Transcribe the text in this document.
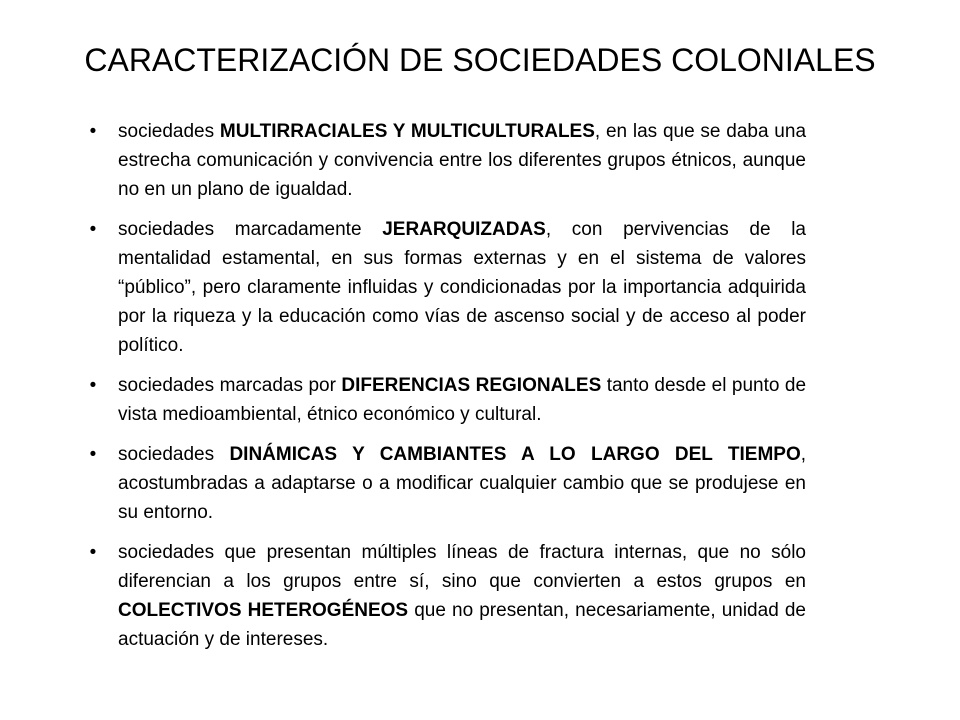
CARACTERIZACIÓN DE SOCIEDADES COLONIALES
• sociedades MULTIRRACIALES Y MULTICULTURALES, en las que se daba una estrecha comunicación y convivencia entre los diferentes grupos étnicos, aunque no en un plano de igualdad.
• sociedades marcadamente JERARQUIZADAS, con pervivencias de la mentalidad estamental, en sus formas externas y en el sistema de valores “público”, pero claramente influidas y condicionadas por la importancia adquirida por la riqueza y la educación como vías de ascenso social y de acceso al poder político.
• sociedades marcadas por DIFERENCIAS REGIONALES tanto desde el punto de vista medioambiental, étnico económico y cultural.
• sociedades DINÁMICAS Y CAMBIANTES A LO LARGO DEL TIEMPO, acostumbradas a adaptarse o a modificar cualquier cambio que se produjese en su entorno.
• sociedades que presentan múltiples líneas de fractura internas, que no sólo diferencian a los grupos entre sí, sino que convierten a estos grupos en COLECTIVOS HETEROGÉNEOS que no presentan, necesariamente, unidad de actuación y de intereses.
